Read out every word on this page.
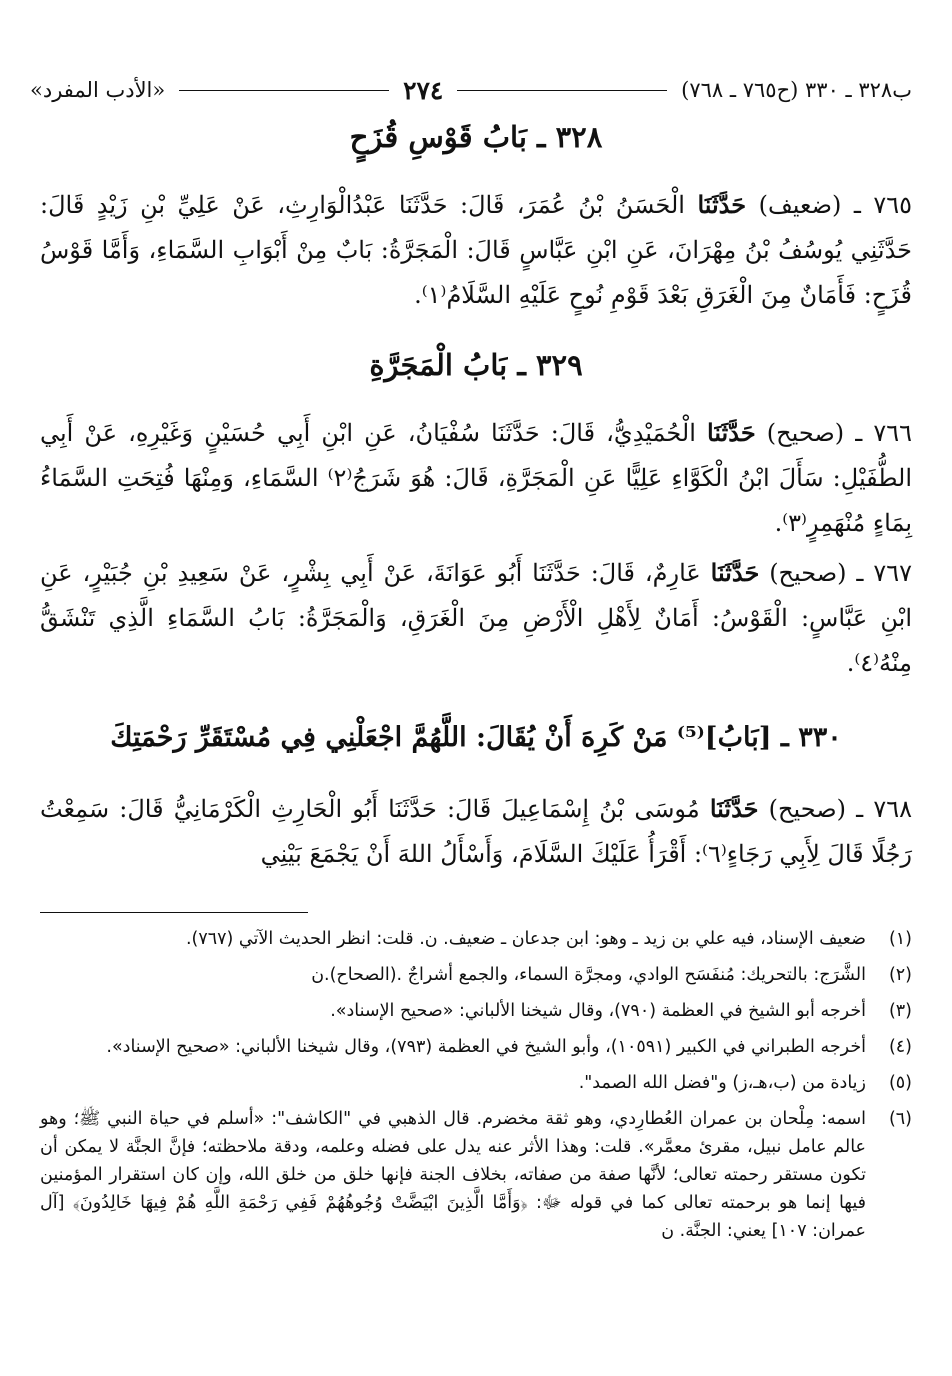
ب٣٢٨ ـ ٣٣٠ (ح٧٦٥ ـ ٧٦٨)
٢٧٤
«الأدب المفرد»
٣٢٨ ـ بَابُ قَوْسِ قُزَحٍ
٧٦٥ ـ (ضعيف) حَدَّثَنَا الْحَسَنُ بْنُ عُمَرَ، قَالَ: حَدَّثَنَا عَبْدُالْوَارِثِ، عَنْ عَلِيِّ بْنِ زَيْدٍ قَالَ: حَدَّثَنِي يُوسُفُ بْنُ مِهْرَانَ، عَنِ ابْنِ عَبَّاسٍ قَالَ: الْمَجَرَّةُ: بَابٌ مِنْ أَبْوَابِ السَّمَاءِ، وَأَمَّا قَوْسُ قُزَحٍ: فَأَمَانٌ مِنَ الْغَرَقِ بَعْدَ قَوْمِ نُوحٍ عَلَيْهِ السَّلَامُ⁽١⁾.
٣٢٩ ـ بَابُ الْمَجَرَّةِ
٧٦٦ ـ (صحيح) حَدَّثَنَا الْحُمَيْدِيُّ، قَالَ: حَدَّثَنَا سُفْيَانُ، عَنِ ابْنِ أَبِي حُسَيْنٍ وَغَيْرِهِ، عَنْ أَبِي الطُّفَيْلِ: سَأَلَ ابْنُ الْكَوَّاءِ عَلِيًّا عَنِ الْمَجَرَّةِ، قَالَ: هُوَ شَرَجُ⁽٢⁾ السَّمَاءِ، وَمِنْهَا فُتِحَتِ السَّمَاءُ بِمَاءٍ مُنْهَمِرٍ⁽٣⁾.
٧٦٧ ـ (صحيح) حَدَّثَنَا عَارِمٌ، قَالَ: حَدَّثَنَا أَبُو عَوَانَةَ، عَنْ أَبِي بِشْرٍ، عَنْ سَعِيدِ بْنِ جُبَيْرٍ، عَنِ ابْنِ عَبَّاسٍ: الْقَوْسُ: أَمَانٌ لِأَهْلِ الْأَرْضِ مِنَ الْغَرَقِ، وَالْمَجَرَّةُ: بَابُ السَّمَاءِ الَّذِي تَنْشَقُّ مِنْهُ⁽٤⁾.
٣٣٠ ـ [بَابُ]⁽⁵⁾ مَنْ كَرِهَ أَنْ يُقَالَ: اللَّهُمَّ اجْعَلْنِي فِي مُسْتَقَرِّ رَحْمَتِكَ
٧٦٨ ـ (صحيح) حَدَّثَنَا مُوسَى بْنُ إِسْمَاعِيلَ قَالَ: حَدَّثَنَا أَبُو الْحَارِثِ الْكَرْمَانِيُّ قَالَ: سَمِعْتُ رَجُلًا قَالَ لِأَبِي رَجَاءٍ⁽٦⁾: أَقْرَأُ عَلَيْكَ السَّلَامَ، وَأَسْأَلُ اللهَ أَنْ يَجْمَعَ بَيْنِي
(١)
ضعيف الإسناد، فيه علي بن زيد ـ وهو: ابن جدعان ـ ضعيف. ن. قلت: انظر الحديث الآتي (٧٦٧).
(٢)
الشَّرَج: بالتحريك: مُنفَسَح الوادي، ومجرَّة السماء، والجمع أشراجٌ .(الصحاح).ن
(٣)
أخرجه أبو الشيخ في العظمة (٧٩٠)، وقال شيخنا الألباني: «صحيح الإسناد».
(٤)
أخرجه الطبراني في الكبير (١٠٥٩١)، وأبو الشيخ في العظمة (٧٩٣)، وقال شيخنا الألباني: «صحيح الإسناد».
(٥)
زيادة من (ب،هـ،ز) و"فضل الله الصمد".
(٦)
اسمه: مِلْحان بن عمران العُطارِدي، وهو ثقة مخضرم. قال الذهبي في "الكاشف": «أسلم في حياة النبي ﷺ؛ وهو عالم عامل نبيل، مقرئ معمَّر». قلت: وهذا الأثر عنه يدل على فضله وعلمه، ودقة ملاحظته؛ فإنَّ الجنَّة لا يمكن أن تكون مستقر رحمته تعالى؛ لأنَّها صفة من صفاته، بخلاف الجنة فإنها خلق من خلق الله، وإن كان استقرار المؤمنين فيها إنما هو برحمته تعالى كما في قوله ﷻ: ﴿وَأَمَّا الَّذِينَ ابْيَضَّتْ وُجُوهُهُمْ فَفِي رَحْمَةِ اللَّهِ هُمْ فِيهَا خَالِدُونَ﴾ [آل عمران: ١٠٧] يعني: الجنَّة. ن
